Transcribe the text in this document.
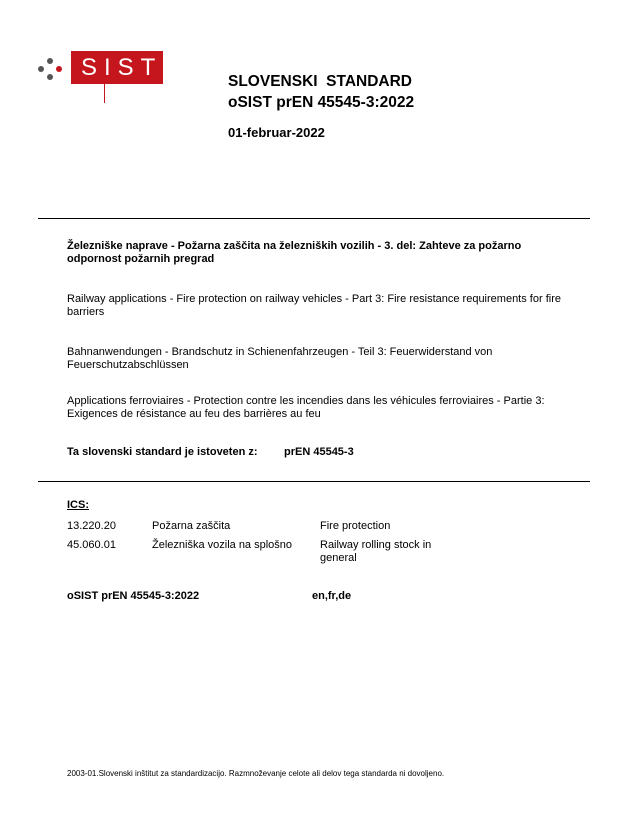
SIST
SLOVENSKI  STANDARD
oSIST prEN 45545-3:2022
01-februar-2022
Železniške naprave - Požarna zaščita na železniških vozilih - 3. del: Zahteve za požarno odpornost požarnih pregrad
Railway applications - Fire protection on railway vehicles - Part 3: Fire resistance requirements for fire barriers
Bahnanwendungen - Brandschutz in Schienenfahrzeugen - Teil 3: Feuerwiderstand von Feuerschutzabschlüssen
Applications ferroviaires - Protection contre les incendies dans les véhicules ferroviaires - Partie 3: Exigences de résistance au feu des barrières au feu
Ta slovenski standard je istoveten z: prEN 45545-3
ICS:
13.220.20	Požarna zaščita	Fire protection
45.060.01	Železniška vozila na splošno	Railway rolling stock in general
oSIST prEN 45545-3:2022	en,fr,de
2003-01.Slovenski inštitut za standardizacijo. Razmnoževanje celote ali delov tega standarda ni dovoljeno.
